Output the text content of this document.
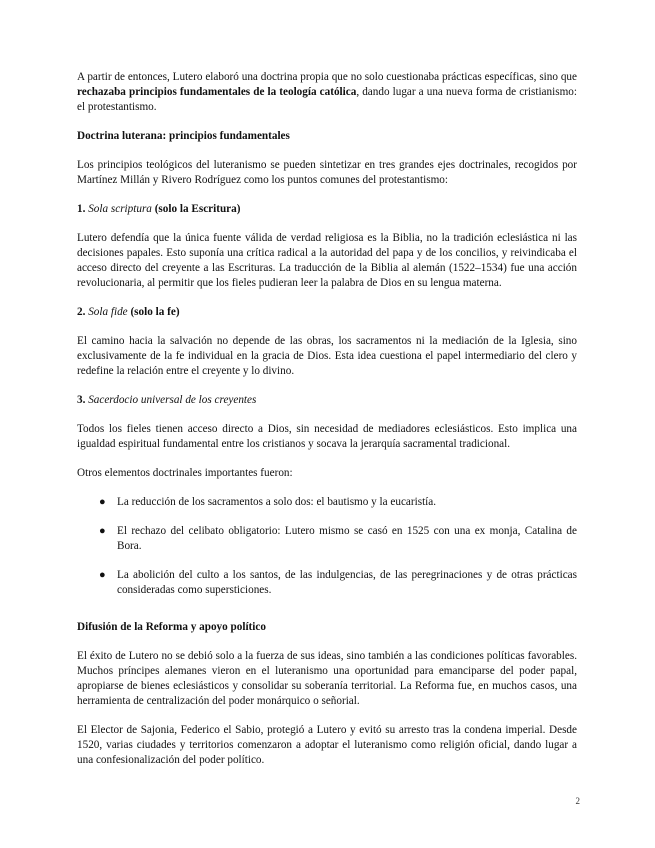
A partir de entonces, Lutero elaboró una doctrina propia que no solo cuestionaba prácticas específicas, sino que rechazaba principios fundamentales de la teología católica, dando lugar a una nueva forma de cristianismo: el protestantismo.

Doctrina luterana: principios fundamentales

Los principios teológicos del luteranismo se pueden sintetizar en tres grandes ejes doctrinales, recogidos por Martínez Millán y Rivero Rodríguez como los puntos comunes del protestantismo:

1. Sola scriptura (solo la Escritura)

Lutero defendía que la única fuente válida de verdad religiosa es la Biblia, no la tradición eclesiástica ni las decisiones papales. Esto suponía una crítica radical a la autoridad del papa y de los concilios, y reivindicaba el acceso directo del creyente a las Escrituras. La traducción de la Biblia al alemán (1522–1534) fue una acción revolucionaria, al permitir que los fieles pudieran leer la palabra de Dios en su lengua materna.

2. Sola fide (solo la fe)

El camino hacia la salvación no depende de las obras, los sacramentos ni la mediación de la Iglesia, sino exclusivamente de la fe individual en la gracia de Dios. Esta idea cuestiona el papel intermediario del clero y redefine la relación entre el creyente y lo divino.

3. Sacerdocio universal de los creyentes

Todos los fieles tienen acceso directo a Dios, sin necesidad de mediadores eclesiásticos. Esto implica una igualdad espiritual fundamental entre los cristianos y socava la jerarquía sacramental tradicional.

Otros elementos doctrinales importantes fueron:

● La reducción de los sacramentos a solo dos: el bautismo y la eucaristía.
● El rechazo del celibato obligatorio: Lutero mismo se casó en 1525 con una ex monja, Catalina de Bora.
● La abolición del culto a los santos, de las indulgencias, de las peregrinaciones y de otras prácticas consideradas como supersticiones.

Difusión de la Reforma y apoyo político

El éxito de Lutero no se debió solo a la fuerza de sus ideas, sino también a las condiciones políticas favorables. Muchos príncipes alemanes vieron en el luteranismo una oportunidad para emanciparse del poder papal, apropiarse de bienes eclesiásticos y consolidar su soberanía territorial. La Reforma fue, en muchos casos, una herramienta de centralización del poder monárquico o señorial.

El Elector de Sajonia, Federico el Sabio, protegió a Lutero y evitó su arresto tras la condena imperial. Desde 1520, varias ciudades y territorios comenzaron a adoptar el luteranismo como religión oficial, dando lugar a una confesionalización del poder político.

2
